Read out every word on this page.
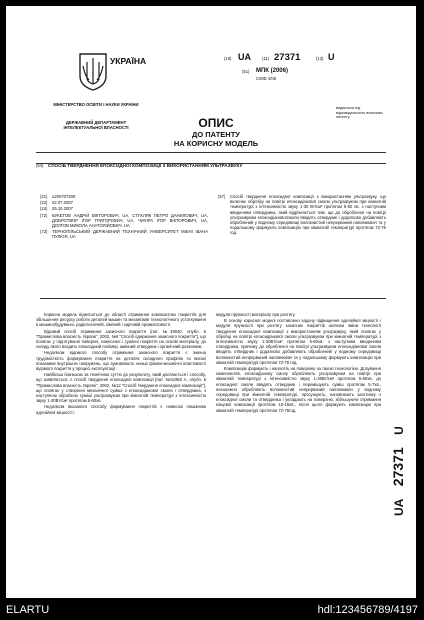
УКРАЇНА
МІНІСТЕРСТВО ОСВІТИ І НАУКИ УКРАЇНИ
ДЕРЖАВНИЙ ДЕПАРТАМЕНТ ІНТЕЛЕКТУАЛЬНОЇ ВЛАСНОСТІ
(19) UA	(11) 27371	(13) U
(51) МПК (2006)
C09D 4/06
видається під відповідальність власника патенту
ОПИС
ДО ПАТЕНТУ
НА КОРИСНУ МОДЕЛЬ
(54) СПОСІБ ТВЕРДНЕННЯ ЕПОКСИДНОЇ КОМПОЗИЦІЇ З ВИКОРИСТАННЯМ УЛЬТРАЗВУКУ
(21)	u200707308
(22)	02.07.2007
(24)	25.10.2007
(72)	БУКЕТОВ АНДРІЙ ВІКТОРОВИЧ, UA, СТУХЛЯК ПЕТРО ДАНИЛОВИЧ, UA, ДОБРОТВОР ІГОР ГРИГОРОВИЧ, UA, ЧИХІРА ІГОР ВІКТОРОВИЧ, UA, ДОЛГОВ МИКОЛА АНАТОЛІЙОВИЧ, UA
(73)	ТЕРНОПІЛЬСЬКИЙ ДЕРЖАВНИЙ ТЕХНІЧНИЙ УНІВЕРСИТЕТ ІМЕНІ ІВАНА ПУЛЮЯ, UA
(57)	Спосіб твердненя епоксидної композиції з використанням ультразвуку, що включає обробку на повітрі епоксидіанової смоли ультразвуком при кімнатній температурі з інтенсивністю звуку 1-30 Вт/см² протягом 5-60 хв. з наступним введенням отвердника, який відрізняється тим, що до обробленої на повітрі ультразвуком епоксидіановоїсмоли вводять отвердник і додатково добавляють оброблений у водному середовищі волокнистий непрерваний наповнювач та у подальшому формують композицію при кімнатній температурі протягом 72-76 год.

Корисна модель відноситься до області отримання композитних покриттів для збільшення ресурсу роботи деталей машин та механізмів технологічного устаткування в машинобудуванні, радіотехнічній, хімічній і харчовій промисловості.

Відомий спосіб отримання захисного покриття [пат. №49040, опубл. в "Промислова власність Україні", 2002, №6 "Спосіб одержання захисного покриття"], що полягає у підготуванні поверхні, нанесенні і сушінні покриття на основі матеріалу, до складу якого входить епоксидний полімер, амінний отвердник і органічний розчинник.

Недоліком відомого способу отримання захисного покриття є значна трудомісткість формування покриття на деталях складного профілю та високі показники внутрішніх напружень, що зумовлюють низькі фізико-механічні властивості відомого покриття у процесі експлуатації.

Найбільш близькою за технічною суттю до результату, який досягається і способу, що заявляється, є спосіб твердненя епоксидної композиції [пат. №51962 А, опубл. в "Промислова власність Україні", 2002, №12 "Спосіб твердненя епоксидної композиції"], що полягає у створенні механічної суміші з епоксидіанової смоли і отвердника, з наступною обробкою суміші ультразвуком при кімнатній температурі з інтенсивністю звуку 1-30Вт/см² протягом 5-60хв.

Недоліком вказаного способу формування покриттів є невисокі показники адгезійної міцності і

модуля пружності матеріалу при розтягу.

В основу корисної моделі поставлено задачу підвищення адгезійної міцності і модуля пружності при розтягу захисних покриттів шляхом зміни технології твердненя епоксидної композиції з використанням ультразвуку, який полягає у обробці на повітрі епоксидіанової смоли ультразвуком при кімнатній температурі з інтенсивністю звуку 1-30Вт/см² протягом 5-60хв. з наступним введенням отвердника, причому до обробленої на повітрі ультразвуком епоксидіанової смоли вводять отвердник і додатково добавляють оброблений у водному середовищі волокнистий непрерваний наповнювач та у подальшому формують композицію при кімнатній температурі протягом 72-76 год.

Композицію формують і наносять на поверхню за такою технологією. Дозування компонентів, епоксидіанову смолу обробляють ультразвуком на повітрі при кімнатній температурі з інтенсивністю звуку 1-30Вт/см² протягом 5-60хв, до епоксидної смоли вводять отвердник і перемішують суміш протягом 5-7хв., незалежно обробляють волокнистий непрерваний наповнювач у водному середовищі при кімнатній температурі, просушують, наповнюють заготовку з епоксидної смоли та отвердника і укладають на поверхню, збільшуючи отримання кінцевої композиції протягом 10-15хв., після цього формують композицію при кімнатній температурі протягом 72-76год.

UA 27371 U
ELARTU	hdl:123456789/4197
